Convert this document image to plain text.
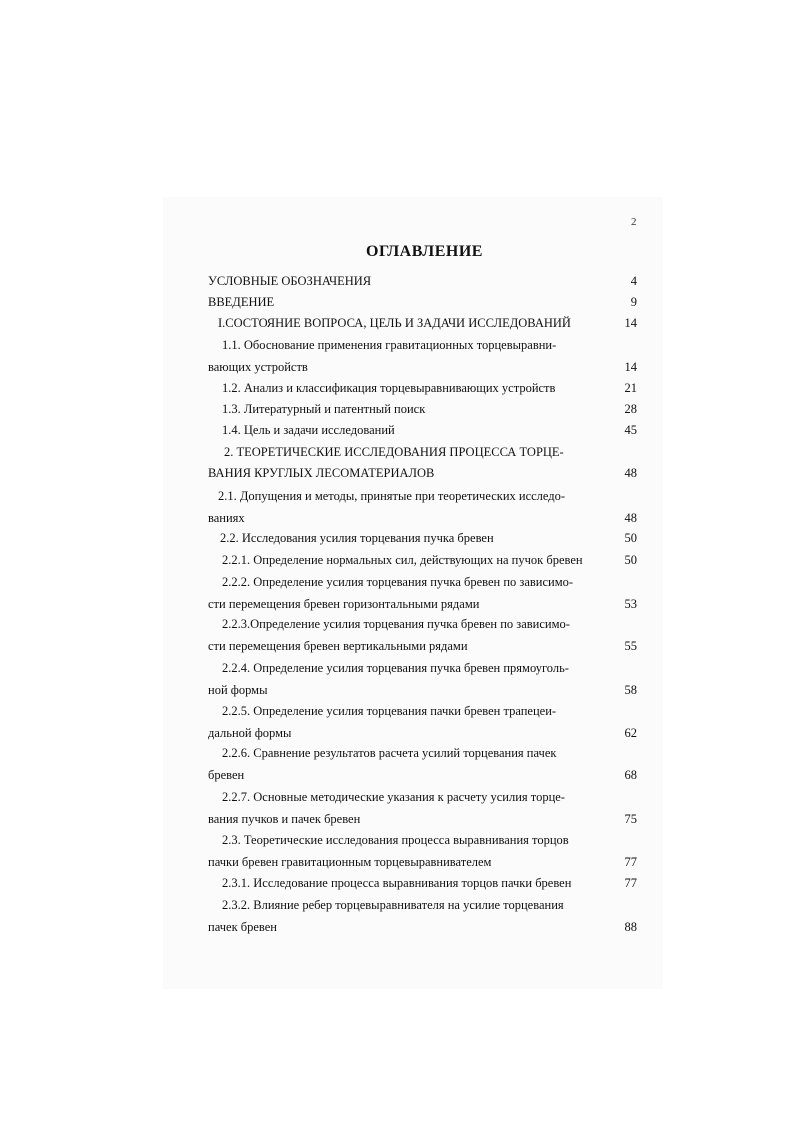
2
ОГЛАВЛЕНИЕ
УСЛОВНЫЕ ОБОЗНАЧЕНИЯ	4
ВВЕДЕНИЕ	9
I.СОСТОЯНИЕ ВОПРОСА, ЦЕЛЬ И ЗАДАЧИ ИССЛЕДОВАНИЙ	14
1.1. Обоснование применения гравитационных торцевыравни-
вающих устройств	14
1.2. Анализ и классификация торцевыравнивающих устройств	21
1.3. Литературный и патентный поиск	28
1.4. Цель и задачи исследований	45
2. ТЕОРЕТИЧЕСКИЕ ИССЛЕДОВАНИЯ ПРОЦЕССА ТОРЦЕ-
ВАНИЯ КРУГЛЫХ ЛЕСОМАТЕРИАЛОВ	48
2.1. Допущения и методы, принятые при теоретических исследо-
ваниях	48
2.2. Исследования усилия торцевания пучка бревен	50
2.2.1. Определение нормальных сил, действующих на пучок бревен	50
2.2.2. Определение усилия торцевания пучка бревен по зависимо-
сти перемещения бревен горизонтальными рядами	53
2.2.3.Определение усилия торцевания пучка бревен по зависимо-
сти перемещения бревен вертикальными рядами	55
2.2.4. Определение усилия торцевания пучка бревен прямоуголь-
ной формы	58
2.2.5. Определение усилия торцевания пачки бревен трапецеи-
дальной формы	62
2.2.6. Сравнение результатов расчета усилий торцевания пачек
бревен	68
2.2.7. Основные методические указания к расчету усилия торце-
вания пучков и пачек бревен	75
2.3. Теоретические исследования процесса выравнивания торцов
пачки бревен гравитационным торцевыравнивателем	77
2.3.1. Исследование процесса выравнивания торцов пачки бревен	77
2.3.2. Влияние ребер торцевыравнивателя на усилие торцевания
пачек бревен	88
